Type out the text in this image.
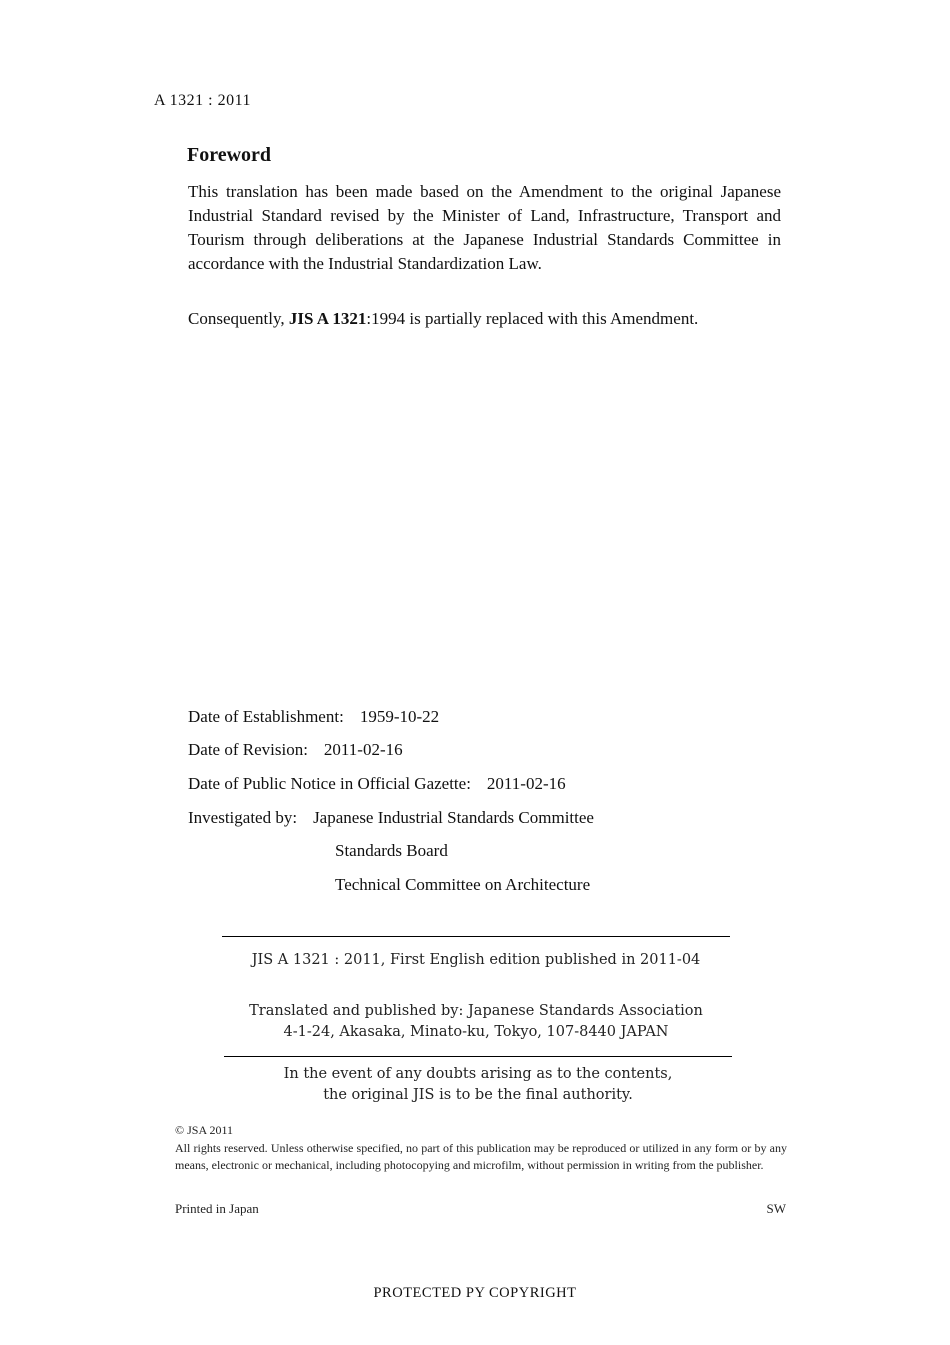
A 1321 : 2011
Foreword
This translation has been made based on the Amendment to the original Japanese Industrial Standard revised by the Minister of Land, Infrastructure, Transport and Tourism through deliberations at the Japanese Industrial Standards Committee in accordance with the Industrial Standardization Law.
Consequently, JIS A 1321:1994 is partially replaced with this Amendment.
Date of Establishment: 1959-10-22
Date of Revision: 2011-02-16
Date of Public Notice in Official Gazette: 2011-02-16
Investigated by: Japanese Industrial Standards Committee
Standards Board
Technical Committee on Architecture
JIS A 1321 : 2011, First English edition published in 2011-04
Translated and published by: Japanese Standards Association
4-1-24, Akasaka, Minato-ku, Tokyo, 107-8440 JAPAN
In the event of any doubts arising as to the contents,
the original JIS is to be the final authority.
© JSA 2011
All rights reserved. Unless otherwise specified, no part of this publication may be reproduced or utilized in any form or by any means, electronic or mechanical, including photocopying and microfilm, without permission in writing from the publisher.
Printed in Japan	SW
PROTECTED PY COPYRIGHT
